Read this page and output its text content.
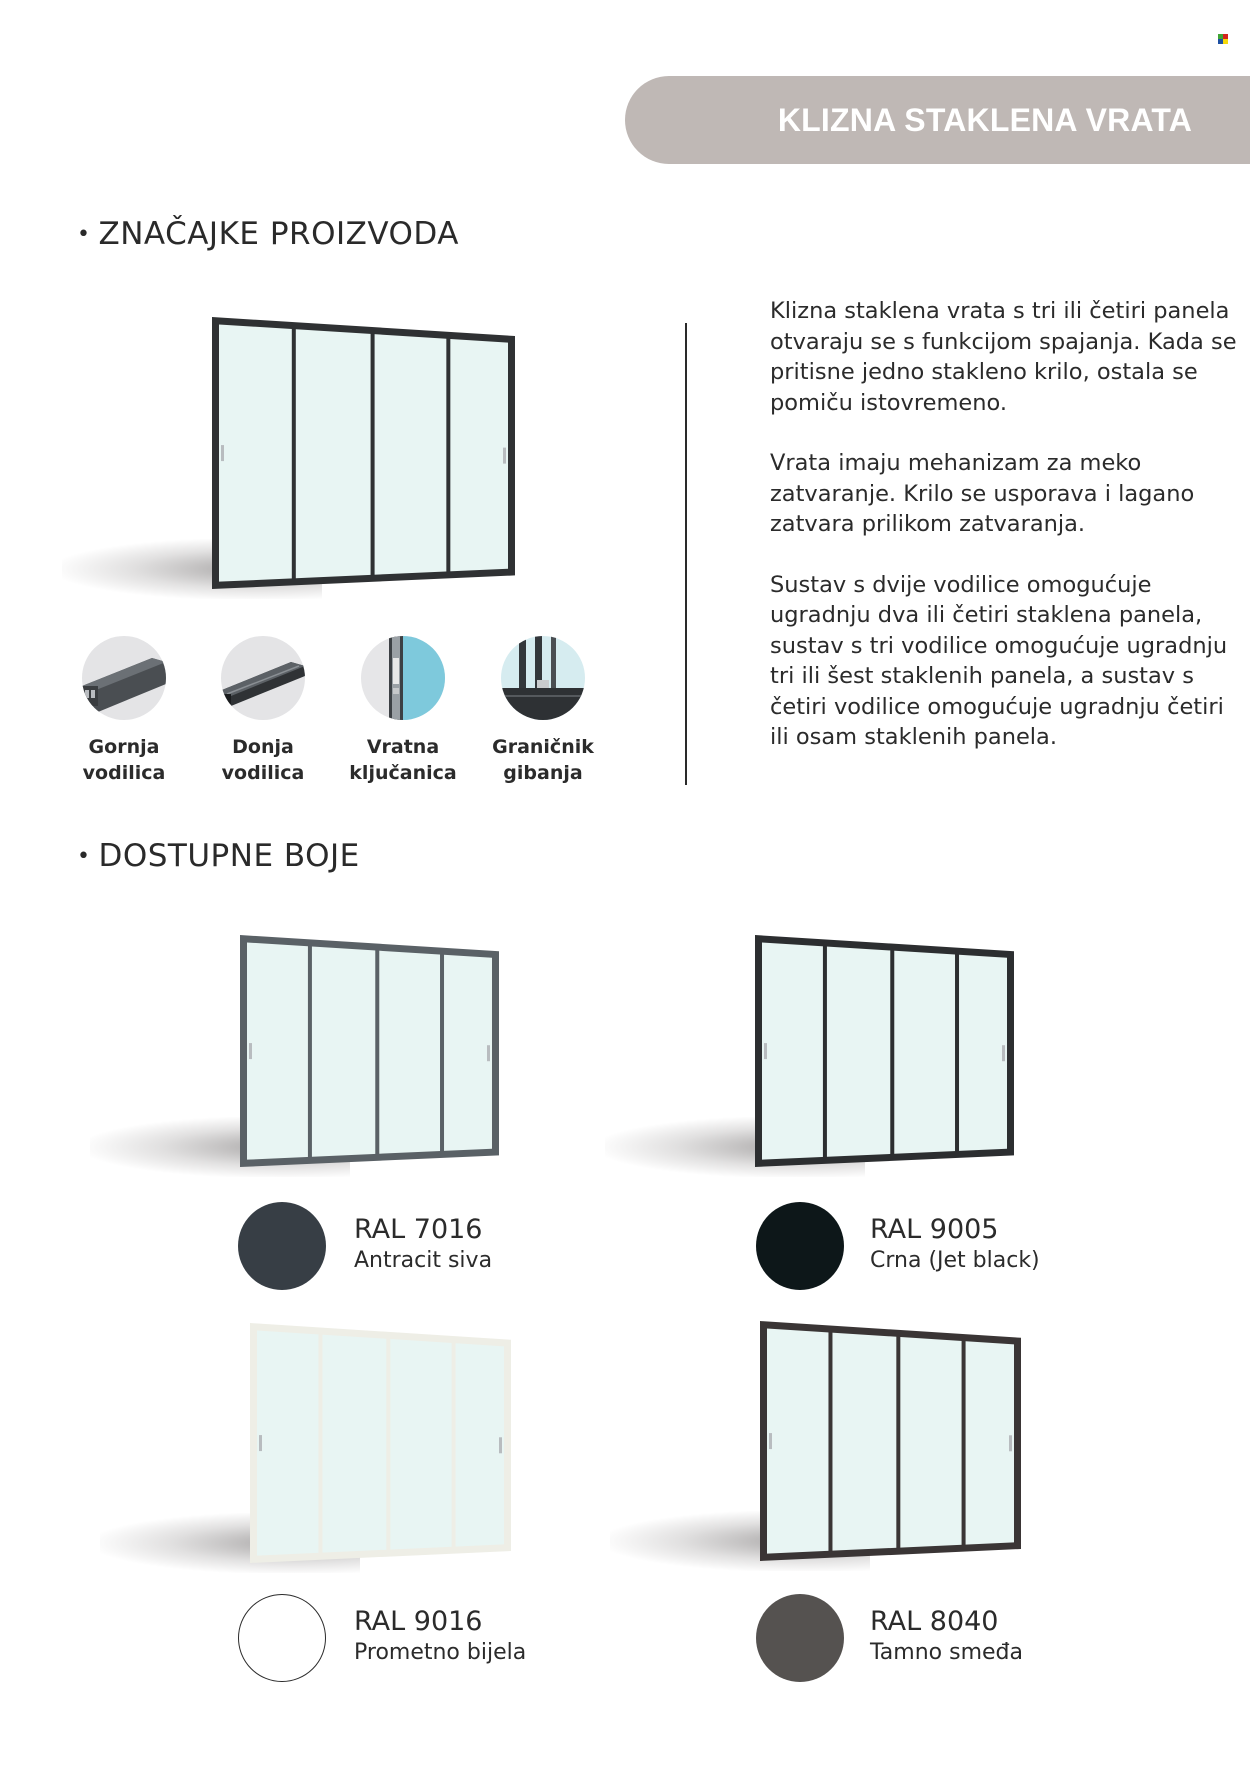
KLIZNA STAKLENA VRATA
• ZNAČAJKE PROIZVODA

Klizna staklena vrata s tri ili četiri panela otvaraju se s funkcijom spajanja. Kada se pritisne jedno stakleno krilo, ostala se pomiču istovremeno.

Vrata imaju mehanizam za meko zatvaranje. Krilo se usporava i lagano zatvara prilikom zatvaranja.

Sustav s dvije vodilice omogućuje ugradnju dva ili četiri staklena panela, sustav s tri vodilice omogućuje ugradnju tri ili šest staklenih panela, a sustav s četiri vodilice omogućuje ugradnju četiri ili osam staklenih panela.

Gornja
vodilica
Donja
vodilica
Vratna
ključanica
Graničnik
gibanja
• DOSTUPNE BOJE
RAL 7016
Antracit siva
RAL 9005
Crna (Jet black)
RAL 9016
Prometno bijela
RAL 8040
Tamno smeđa
